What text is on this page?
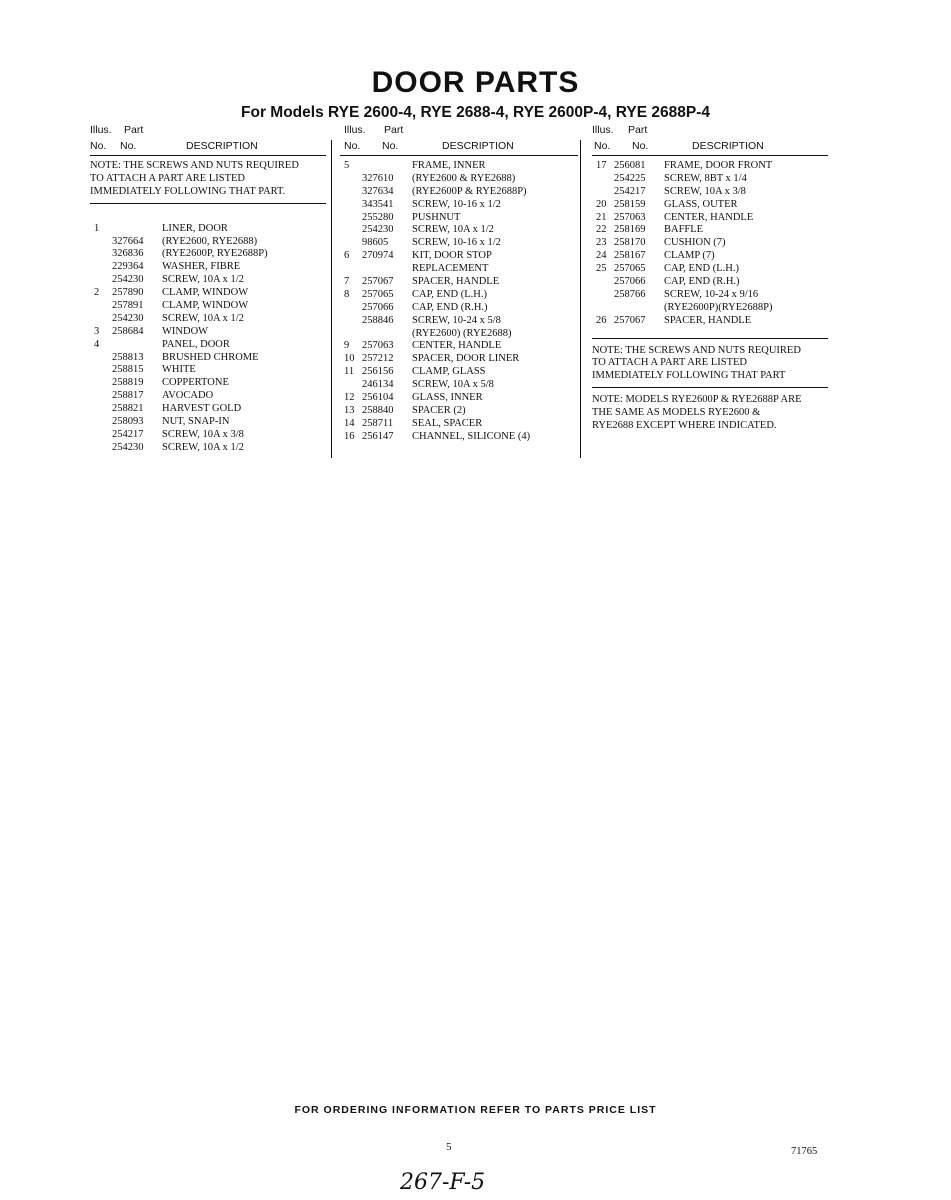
DOOR PARTS
For Models RYE 2600-4, RYE 2688-4, RYE 2600P-4, RYE 2688P-4
Illus. Part
No. No.	DESCRIPTION
NOTE: THE SCREWS AND NUTS REQUIRED
TO ATTACH A PART ARE LISTED
IMMEDIATELY FOLLOWING THAT PART.
1	LINER, DOOR
327664 (RYE2600, RYE2688)
326836 (RYE2600P, RYE2688P)
229364 WASHER, FIBRE
254230 SCREW, 10A x 1/2
2 257890 CLAMP, WINDOW
257891 CLAMP, WINDOW
254230 SCREW, 10A x 1/2
3 258684 WINDOW
4	PANEL, DOOR
258813 BRUSHED CHROME
258815 WHITE
258819 COPPERTONE
258817 AVOCADO
258821 HARVEST GOLD
258093 NUT, SNAP-IN
254217 SCREW, 10A x 3/8
254230 SCREW, 10A x 1/2
Illus. Part
No. No.	DESCRIPTION
5	FRAME, INNER
327610 (RYE2600 & RYE2688)
327634 (RYE2600P & RYE2688P)
343541 SCREW, 10-16 x 1/2
255280 PUSHNUT
254230 SCREW, 10A x 1/2
98605 SCREW, 10-16 x 1/2
6 270974 KIT, DOOR STOP
REPLACEMENT
7 257067 SPACER, HANDLE
8 257065 CAP, END (L.H.)
257066 CAP, END (R.H.)
258846 SCREW, 10-24 x 5/8
(RYE2600) (RYE2688)
9 257063 CENTER, HANDLE
10 257212 SPACER, DOOR LINER
11 256156 CLAMP, GLASS
246134 SCREW, 10A x 5/8
12 256104 GLASS, INNER
13 258840 SPACER (2)
14 258711 SEAL, SPACER
16 256147 CHANNEL, SILICONE (4)
Illus. Part
No. No.	DESCRIPTION
17 256081 FRAME, DOOR FRONT
254225 SCREW, 8BT x 1/4
254217 SCREW, 10A x 3/8
20 258159 GLASS, OUTER
21 257063 CENTER, HANDLE
22 258169 BAFFLE
23 258170 CUSHION (7)
24 258167 CLAMP (7)
25 257065 CAP, END (L.H.)
257066 CAP, END (R.H.)
258766 SCREW, 10-24 x 9/16
(RYE2600P)(RYE2688P)
26 257067 SPACER, HANDLE
NOTE: THE SCREWS AND NUTS REQUIRED
TO ATTACH A PART ARE LISTED
IMMEDIATELY FOLLOWING THAT PART
NOTE: MODELS RYE2600P & RYE2688P ARE
THE SAME AS MODELS RYE2600 &
RYE2688 EXCEPT WHERE INDICATED.
FOR ORDERING INFORMATION REFER TO PARTS PRICE LIST
5	71765
267-F-5
